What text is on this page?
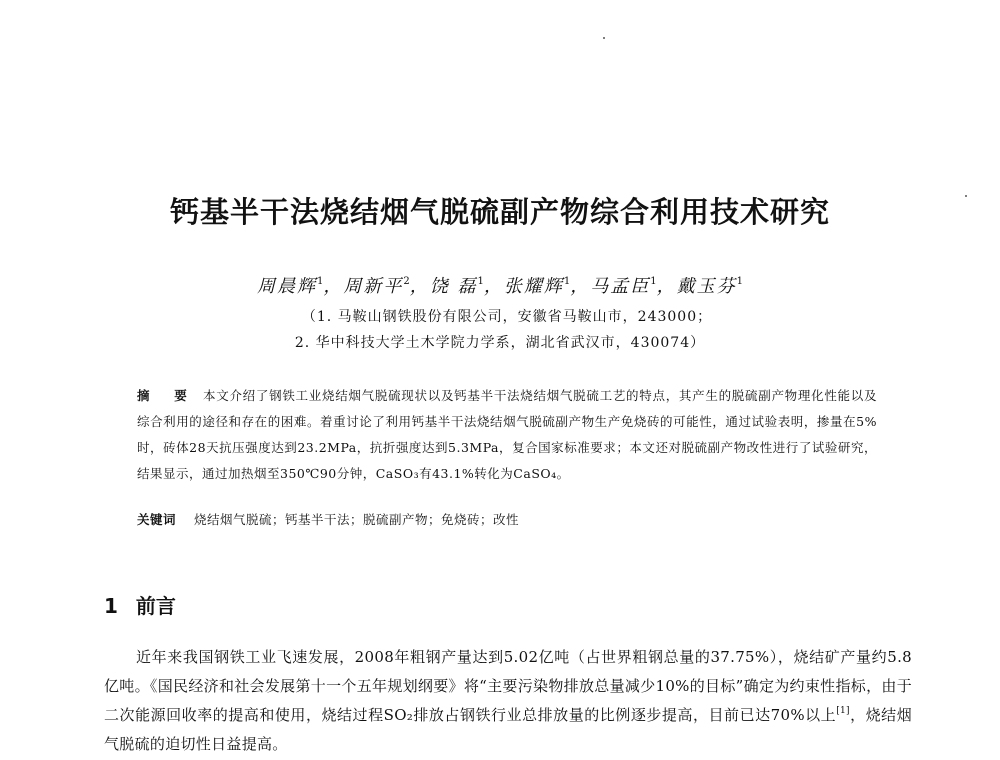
钙基半干法烧结烟气脱硫副产物综合利用技术研究
周晨辉$^1$，周新平$^2$，饶 磊$^1$，张耀辉$^1$，马孟臣$^1$，戴玉芬$^1$
（1. 马鞍山钢铁股份有限公司，安徽省马鞍山市，243000；
2. 华中科技大学土木学院力学系，湖北省武汉市，430074）
摘 要 本文介绍了钢铁工业烧结烟气脱硫现状以及钙基半干法烧结烟气脱硫工艺的特点，其产生的脱硫副产物理化性能以及综合利用的途径和存在的困难。着重讨论了利用钙基半干法烧结烟气脱硫副产物生产免烧砖的可能性，通过试验表明，掺量在5%时，砖体28天抗压强度达到23.2MPa，抗折强度达到5.3MPa，复合国家标准要求；本文还对脱硫副产物改性进行了试验研究，结果显示，通过加热烟至350℃90分钟，CaSO₃有43.1%转化为CaSO₄。
关键词 烧结烟气脱硫；钙基半干法；脱硫副产物；免烧砖；改性
1 前言

近年来我国钢铁工业飞速发展，2008年粗钢产量达到5.02亿吨（占世界粗钢总量的37.75%），烧结矿产量约5.8亿吨。《国民经济和社会发展第十一个五年规划纲要》将“主要污染物排放总量减少10%的目标”确定为约束性指标，由于二次能源回收率的提高和使用，烧结过程SO₂排放占钢铁行业总排放量的比例逐步提高，目前已达70%以上[1]，烧结烟气脱硫的迫切性日益提高。
